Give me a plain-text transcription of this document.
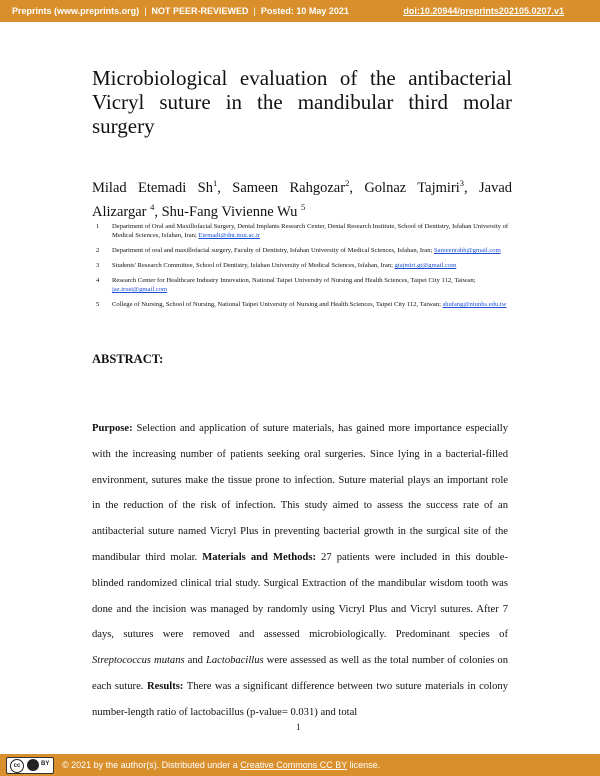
Preprints (www.preprints.org) | NOT PEER-REVIEWED | Posted: 10 May 2021	doi:10.20944/preprints202105.0207.v1
Microbiological evaluation of the antibacterial Vicryl suture in the mandibular third molar surgery
Milad Etemadi Sh$^1$, Sameen Rahgozar$^2$, Golnaz Tajmiri$^3$, Javad Alizargar $^4$, Shu-Fang Vivienne Wu $^5$
1 Department of Oral and Maxillofacial Surgery, Dental Implants Research Center, Dental Research Institute, School of Dentistry, Isfahan University of Medical Sciences, Isfahan, Iran; Etemadi@dnt.mui.ac.ir
2 Department of oral and maxillofacial surgery, Faculty of Dentistry, Isfahan University of Medical Sciences, Isfahan, Iran; Sameenrahh@gmail.com
3 Students' Research Committee, School of Dentistry, Isfahan University of Medical Sciences, Isfahan, Iran; gtajmiri.gt@gmail.com
4 Research Center for Healthcare Industry Innovation, National Taipei University of Nursing and Health Sciences, Taipei City 112, Taiwan; jaz.trust@gmail.com
5 College of Nursing, School of Nursing, National Taipei University of Nursing and Health Sciences, Taipei City 112, Taiwan; shufang@ntunhs.edu.tw
ABSTRACT:
Purpose: Selection and application of suture materials, has gained more importance especially with the increasing number of patients seeking oral surgeries. Since lying in a bacterial-filled environment, sutures make the tissue prone to infection. Suture material plays an important role in the reduction of the risk of infection. This study aimed to assess the success rate of an antibacterial suture named Vicryl Plus in preventing bacterial growth in the surgical site of the mandibular third molar. Materials and Methods: 27 patients were included in this double-blinded randomized clinical trial study. Surgical Extraction of the mandibular wisdom tooth was done and the incision was managed by randomly using Vicryl Plus and Vicryl sutures. After 7 days, sutures were removed and assessed microbiologically. Predominant species of Streptococcus mutans and Lactobacillus were assessed as well as the total number of colonies on each suture. Results: There was a significant difference between two suture materials in colony number-length ratio of lactobacillus (p-value= 0.031) and total
1
cc	BY © 2021 by the author(s). Distributed under a Creative Commons CC BY license.
